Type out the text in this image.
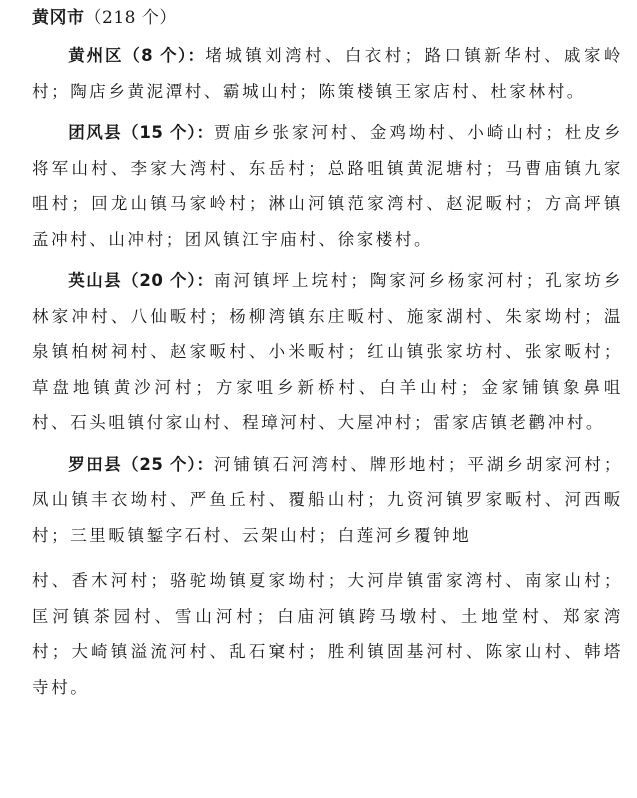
黄冈市（218 个）

黄州区（8 个）：堵城镇刘湾村、白衣村；路口镇新华村、戚家岭村；陶店乡黄泥潭村、霸城山村；陈策楼镇王家店村、杜家林村。

团风县（15 个）：贾庙乡张家河村、金鸡坳村、小崎山村；杜皮乡将军山村、李家大湾村、东岳村；总路咀镇黄泥塘村；马曹庙镇九家咀村；回龙山镇马家岭村；淋山河镇范家湾村、赵泥畈村；方高坪镇孟冲村、山冲村；团风镇江宇庙村、徐家楼村。

英山县（20 个）：南河镇坪上垸村；陶家河乡杨家河村；孔家坊乡林家冲村、八仙畈村；杨柳湾镇东庄畈村、施家湖村、朱家坳村；温泉镇柏树祠村、赵家畈村、小米畈村；红山镇张家坊村、张家畈村；草盘地镇黄沙河村；方家咀乡新桥村、白羊山村；金家铺镇象鼻咀村、石头咀镇付家山村、程璋河村、大屋冲村；雷家店镇老鹳冲村。

罗田县（25 个）：河铺镇石河湾村、牌形地村；平湖乡胡家河村；凤山镇丰衣坳村、严鱼丘村、覆船山村；九资河镇罗家畈村、河西畈村；三里畈镇錾字石村、云架山村；白莲河乡覆钟地

村、香木河村；骆驼坳镇夏家坳村；大河岸镇雷家湾村、南家山村；匡河镇茶园村、雪山河村；白庙河镇跨马墩村、土地堂村、郑家湾村；大崎镇溢流河村、乱石窠村；胜利镇固基河村、陈家山村、韩塔寺村。
